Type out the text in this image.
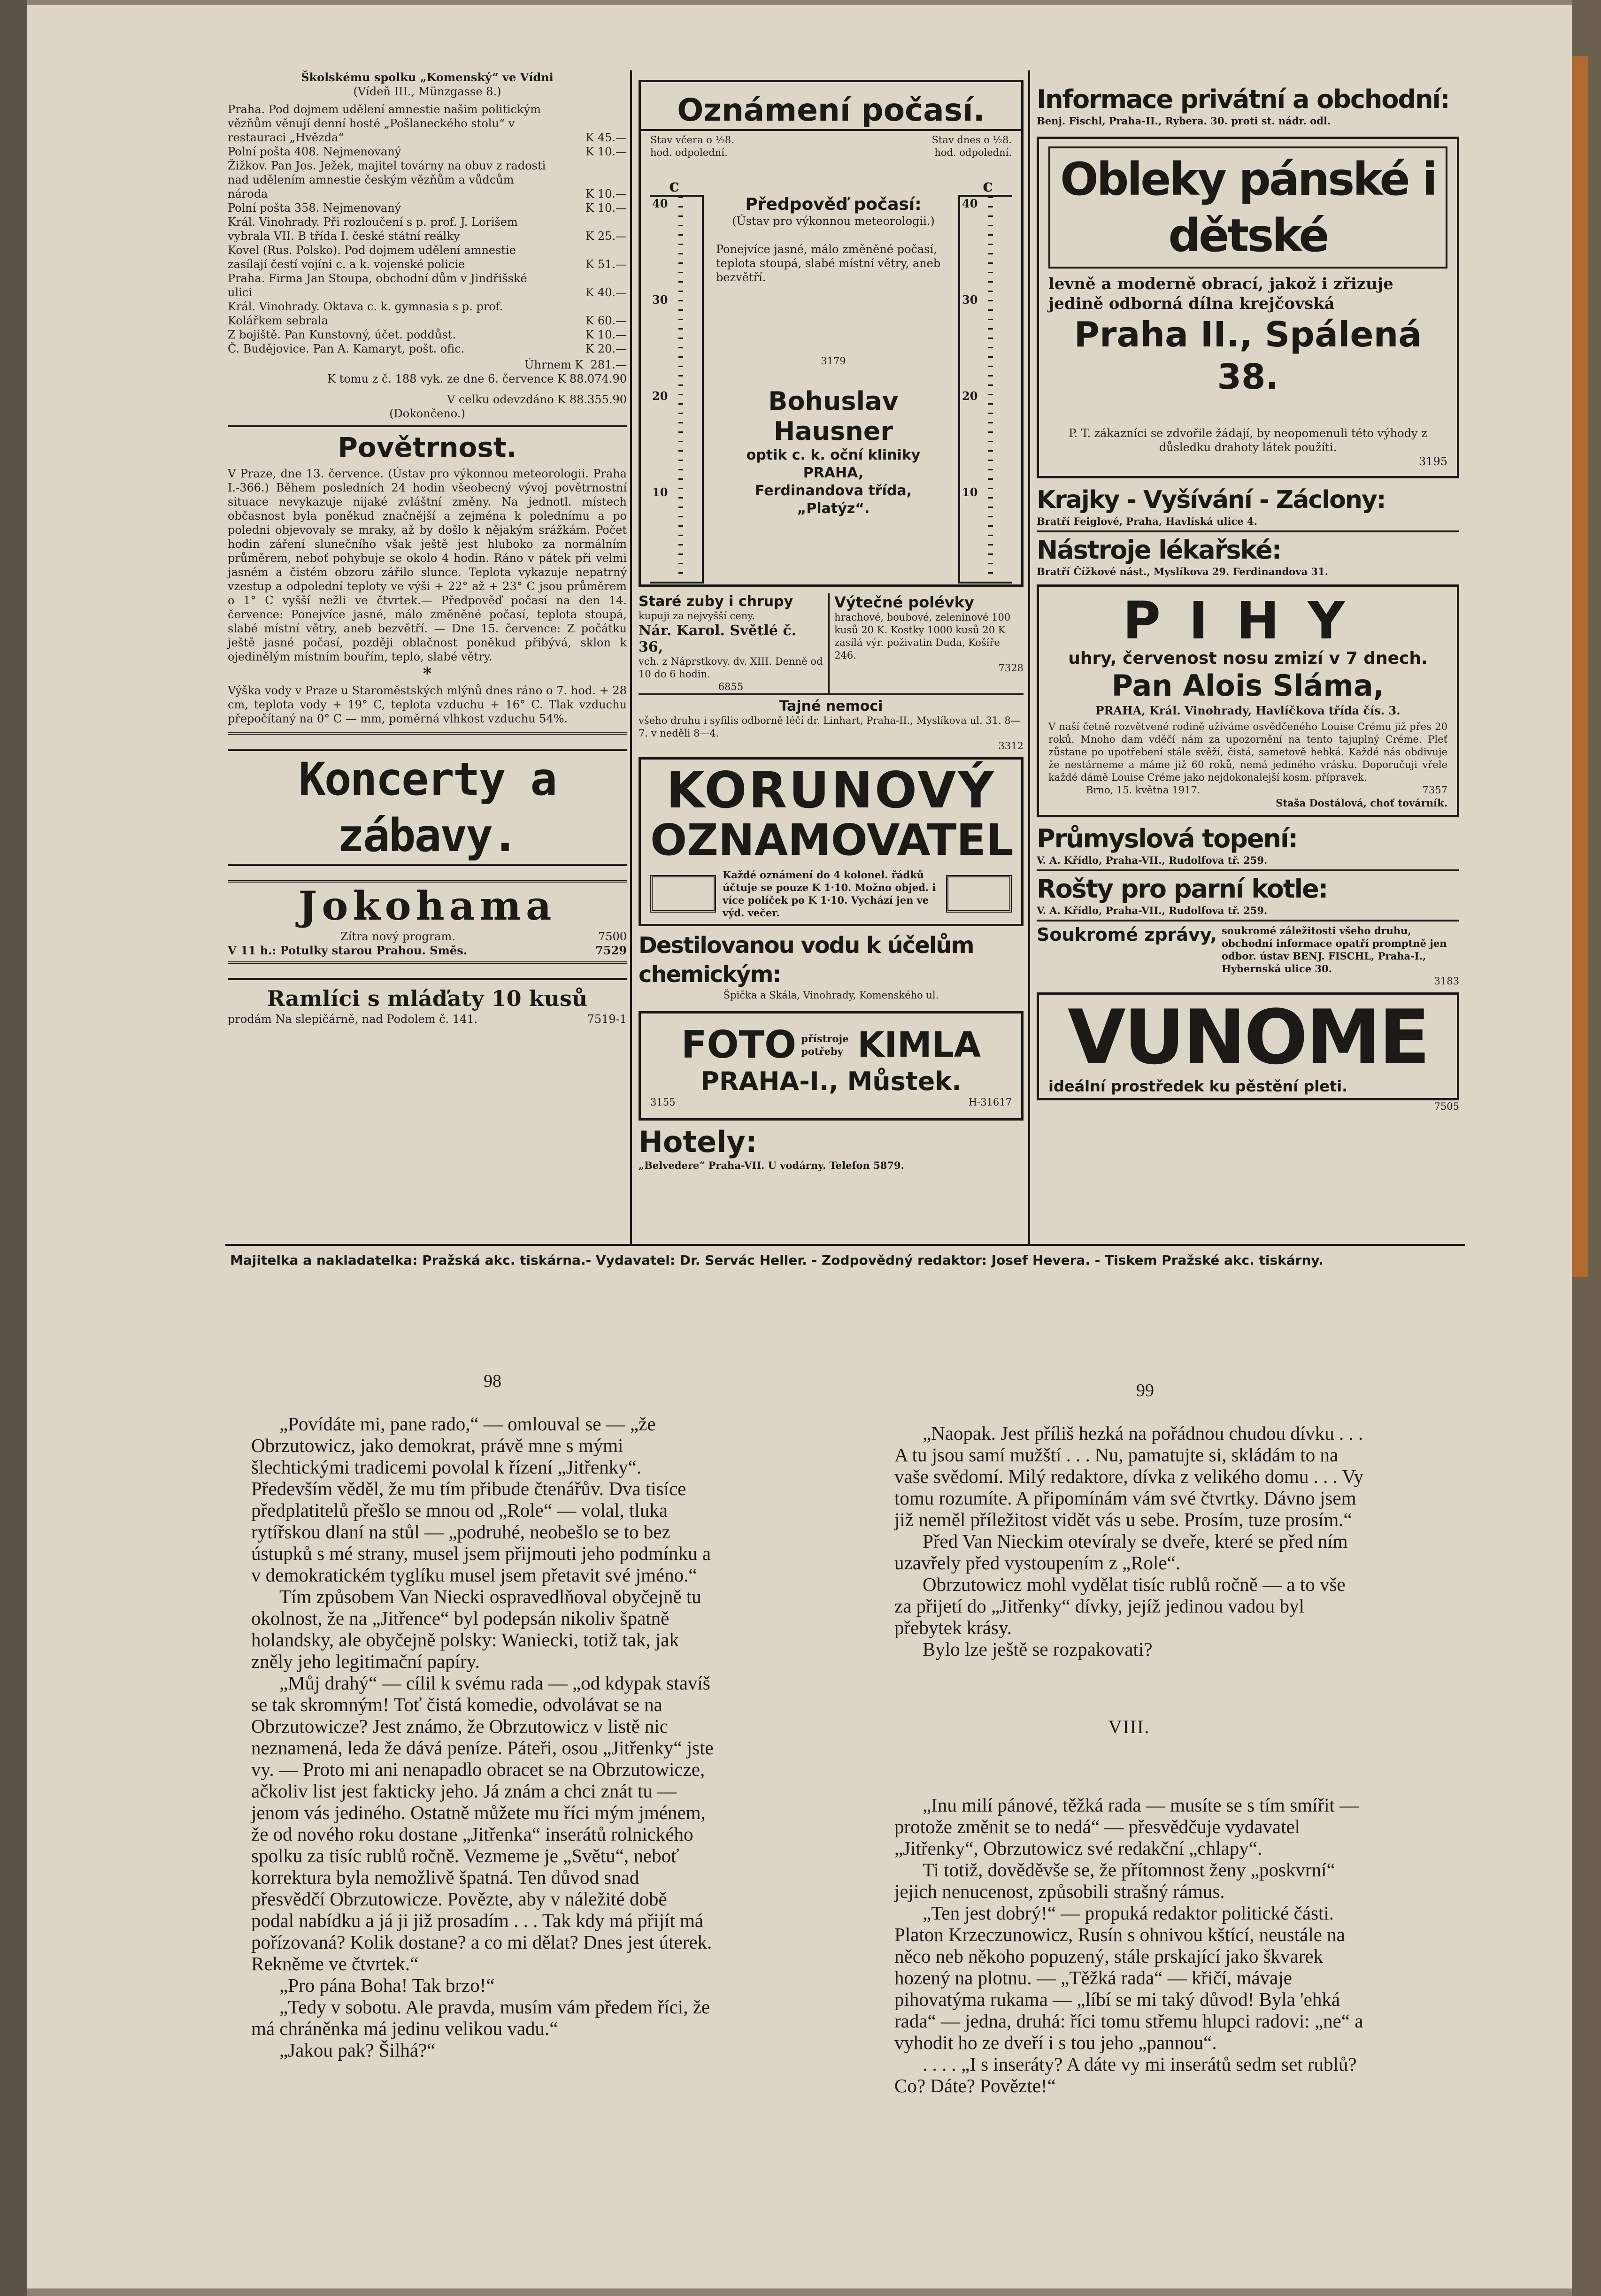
Školskému spolku „Komenský“ ve Vídni
(Vídeň III., Münzgasse 8.)
Praha. Pod dojmem udělení amnestie našim politickým vězňům věnují denní hosté „Pošlaneckého stolu“ v restauraci „Hvězda“	K 45.—
Polní pošta 408. Nejmenovaný	K 10.—
Žižkov. Pan Jos. Ježek, majitel továrny na obuv z radosti nad udělením amnestie českým vězňům a vůdcům národa	K 10.—
Polní pošta 358. Nejmenovaný	K 10.—
Král. Vinohrady. Při rozloučení s p. prof. J. Lorišem vybrala VII. B třída I. české státní reálky	K 25.—
Kovel (Rus. Polsko). Pod dojmem udělení amnestie zasílají čestí vojíni c. a k. vojenské policie	K 51.—
Praha. Firma Jan Stoupa, obchodní dům v Jindřišské ulici	K 40.—
Král. Vinohrady. Oktava c. k. gymnasia s p. prof. Kolářkem sebrala	K 60.—
Z bojiště. Pan Kunstovný, účet. poddůst.	K 10.—
Č. Budějovice. Pan A. Kamaryt, pošt. ofic.	K 20.—
Úhrnem K 281.—
K tomu z č. 188 vyk. ze dne 6. července K 88.074.90
V celku odevzdáno K 88.355.90
(Dokončeno.)
Povětrnost.
V Praze, dne 13. července. (Ústav pro výkonnou meteorologii. Praha I.-366.) Během posledních 24 hodin všeobecný vývoj povětrnostní situace nevykazuje nijaké zvláštní změny. Na jednotl. místech občasnost byla poněkud značnější a zejména k polednímu a po poledni objevovaly se mraky, až by došlo k nějakým srážkám. Počet hodin záření slunečního však ještě jest hluboko za normálním průměrem, neboť pohybuje se okolo 4 hodin. Ráno v pátek při velmi jasném a čistém obzoru zářilo slunce. Teplota vykazuje nepatrný vzestup a odpolední teploty ve výši + 22° až + 23° C jsou průměrem o 1° C vyšší nežli ve čtvrtek.— Předpověď počasí na den 14. července: Ponejvíce jasné, málo změněné počasí, teplota stoupá, slabé místní větry, aneb bezvětří. — Dne 15. července: Z počátku ještě jasné počasí, později oblačnost poněkud přibývá, sklon k ojedinělým místním bouřím, teplo, slabé větry.
*
Výška vody v Praze u Staroměstských mlýnů dnes ráno o 7. hod. + 28 cm, teplota vody + 19° C, teplota vzduchu + 16° C. Tlak vzduchu přepočítaný na 0° C — mm, poměrná vlhkost vzduchu 54%.
Koncerty a zábavy.
Jokohama
Zítra nový program.	7500
V 11 h.: Potulky starou Prahou. Směs.	7529
Ramlíci s mláďaty 10 kusů
prodám Na slepičárně, nad Podolem č. 141.	7519-1
Oznámení počasí.
Stav včera o ½8. hod. odpolední.
Stav dnes o ½8. hod. odpolední.
c	c
40
30
20
10
40
30
20
10
Předpověď počasí:
(Ústav pro výkonnou meteorologii.)
Ponejvíce jasné, málo změněné počasí, teplota stoupá, slabé místní větry, aneb bezvětří.
3179
Bohuslav Hausner
optik c. k. oční kliniky
PRAHA,
Ferdinandova třída,
„Platýz“.
Staré zuby i chrupy
kupuji za nejvyšší ceny.
Nár. Karol. Světlé č. 36,
vch. z Náprstkovy. dv. XIII. Denně od 10 do 6 hodin.
6855
Výtečné polévky
hrachové, boubové, zeleninové 100 kusů 20 K. Kostky 1000 kusů 20 K zasílá výr. poživatin Duda, Košíře 246.
7328
Tajné nemoci
všeho druhu i syfilis odborně léčí dr. Linhart, Praha-II., Myslíkova ul. 31. 8—7. v neděli 8—4.
3312
KORUNOVÝ
OZNAMOVATEL
Každé oznámení do 4 kolonel. řádků účtuje se pouze K 1·10. Možno objed. i více políček po K 1·10. Vychází jen ve výd. večer.
Destilovanou vodu k účelům chemickým:
Špička a Skála, Vinohrady, Komenského ul.
FOTO přístroje potřeby KIMLA
PRAHA-I., Můstek.
3155	H-31617
Hotely:
„Belvedere“ Praha-VII. U vodárny. Telefon 5879.
Informace privátní a obchodní:
Benj. Fischl, Praha-II., Rybera. 30. proti st. nádr. odl.
Obleky pánské i dětské
levně a moderně obrací, jakož i zřizuje jedině odborná dílna krejčovská
Praha II., Spálená 38.
P. T. zákazníci se zdvořile žádají, by neopomenuli této výhody z důsledku drahoty látek použíti.
3195
Krajky - Vyšívání - Záclony:
Bratří Feiglové, Praha, Havlíská ulice 4.
Nástroje lékařské:
Bratří Čížkové nást., Myslíkova 29. Ferdinandova 31.
PIHY
uhry, červenost nosu zmizí v 7 dnech.
Pan Alois Sláma,
PRAHA, Král. Vinohrady, Havlíčkova třída čís. 3.
V naší četně rozvětvené rodině užíváme osvědčeného Louise Crému již přes 20 roků. Mnoho dam vděčí nám za upozornění na tento tajuplný Créme. Pleť zůstane po upotřebení stále svěží, čistá, sametově hebká. Každé nás obdivuje že nestárneme a máme již 60 roků, nemá jediného vrásku. Doporučuji vřele každé dámě Louise Créme jako nejdokonalejší kosm. přípravek.
Brno, 15. května 1917.	7357
Staša Dostálová, choť továrník.
Průmyslová topení:
V. A. Křídlo, Praha-VII., Rudolfova tř. 259.
Rošty pro parní kotle:
V. A. Křídlo, Praha-VII., Rudolfova tř. 259.
Soukromé zprávy, soukromé záležitosti všeho druhu, obchodní informace opatří promptně jen odbor. ústav BENJ. FISCHL, Praha-I., Hybernská ulice 30.
3183
VUNOME
ideální prostředek ku pěstění pleti.
7505
Majitelka a nakladatelka: Pražská akc. tiskárna.- Vydavatel: Dr. Servác Heller. - Zodpovědný redaktor: Josef Hevera. - Tiskem Pražské akc. tiskárny.
98	99

„Povídáte mi, pane rado,“ — omlouval se — „že Obrzutowicz, jako demokrat, právě mne s mými šlechtickými tradicemi povolal k řízení „Jitřenky“. Především věděl, že mu tím přibude čtenářův. Dva tisíce předplatitelů přešlo se mnou od „Role“ — volal, tluka rytířskou dlaní na stůl — „podruhé, neobešlo se to bez ústupků s mé strany, musel jsem přijmouti jeho podmínku a v demokratickém tyglíku musel jsem přetavit své jméno.“

Tím způsobem Van Niecki ospravedlňoval obyčejně tu okolnost, že na „Jitřence“ byl podepsán nikoliv špatně holandsky, ale obyčejně polsky: Waniecki, totiž tak, jak zněly jeho legitimační papíry.

„Můj drahý“ — cílil k svému rada — „od kdypak stavíš se tak skromným! Toť čistá komedie, odvolávat se na Obrzutowicze? Jest známo, že Obrzutowicz v listě nic neznamená, leda že dává peníze. Páteři, osou „Jitřenky“ jste vy. — Proto mi ani nenapadlo obracet se na Obrzutowicze, ačkoliv list jest fakticky jeho. Já znám a chci znát tu — jenom vás jediného. Ostatně můžete mu říci mým jménem, že od nového roku dostane „Jitřenka“ inserátů rolnického spolku za tisíc rublů ročně. Vezmeme je „Světu“, neboť korrektura byla nemožlivě špatná. Ten důvod snad přesvědčí Obrzutowicze. Povězte, aby v náležité době podal nabídku a já ji již prosadím . . . Tak kdy má přijít má pořízovaná? Kolik dostane? a co mi dělat? Dnes jest úterek. Rekněme ve čtvrtek.“

„Pro pána Boha! Tak brzo!“

„Tedy v sobotu. Ale pravda, musím vám předem říci, že má chráněnka má jedinu velikou vadu.“

„Jakou pak? Šilhá?“

„Naopak. Jest příliš hezká na pořádnou chudou dívku . . . A tu jsou samí mužští . . . Nu, pamatujte si, skládám to na vaše svědomí. Milý redaktore, dívka z velikého domu . . . Vy tomu rozumíte. A připomínám vám své čtvrtky. Dávno jsem již neměl příležitost vidět vás u sebe. Prosím, tuze prosím.“

Před Van Nieckim otevíraly se dveře, které se před ním uzavřely před vystoupením z „Role“.

Obrzutowicz mohl vydělat tisíc rublů ročně — a to vše za přijetí do „Jitřenky“ dívky, jejíž jedinou vadou byl přebytek krásy.

Bylo lze ještě se rozpakovati?

VIII.

„Inu milí pánové, těžká rada — musíte se s tím smířit — protože změnit se to nedá“ — přesvědčuje vydavatel „Jitřenky“, Obrzutowicz své redakční „chlapy“.

Ti totiž, dověděvše se, že přítomnost ženy „poskvrní“ jejich nenucenost, způsobili strašný rámus.

„Ten jest dobrý!“ — propuká redaktor politické části. Platon Krzeczunowicz, Rusín s ohnivou kštící, neustále na něco neb někoho popuzený, stále prskající jako škvarek hozený na plotnu. — „Těžká rada“ — křičí, mávaje pihovatýma rukama — „líbí se mi taký důvod! Byla 'ehká rada“ — jedna, druhá: říci tomu střemu hlupci radovi: „ne“ a vyhodit ho ze dveří i s tou jeho „pannou“.

. . . . „I s inseráty? A dáte vy mi inserátů sedm set rublů? Co? Dáte? Povězte!“
